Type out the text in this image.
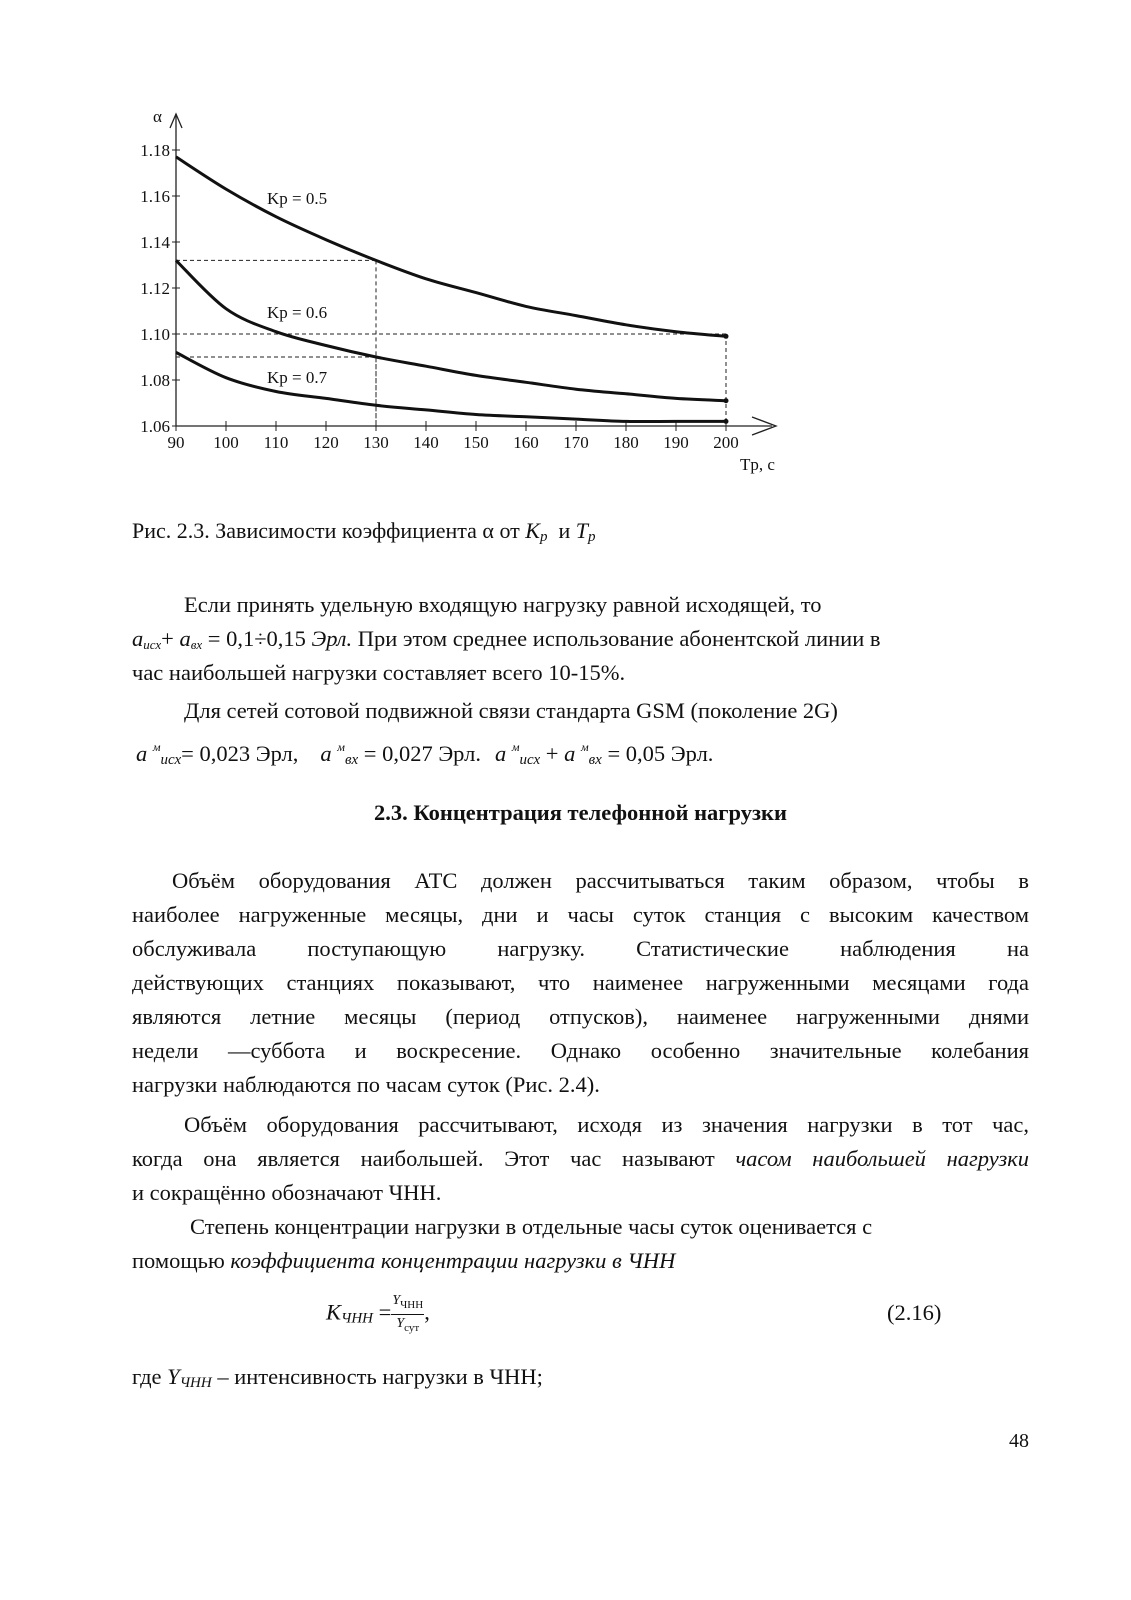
90 100 110 120 130 140 150 160 170 180 190 200
1.06
1.08
1.10
1.12
1.14
1.16
1.18
α
Tр, с
Kр = 0.5
Kр = 0.6
Kр = 0.7
Рис. 2.3. Зависимости коэффициента α от $K_р$  и $T_р$
Если принять удельную входящую нагрузку равной исходящей, то
$a_{исх}+ a_{вх} = 0,1\div 0,15$ Эрл. При этом среднее использование абонентской линии в
час наибольшей нагрузки составляет всего 10-15%.
Для сетей сотовой подвижной связи стандарта GSM (поколение 2G)
a $^м_{исх}$= 0,023 Эрл, a $^м_{вх}$ = 0,027 Эрл. a $^м_{исх}$ + a $^м_{вх}$ = 0,05 Эрл.
2.3. Концентрация телефонной нагрузки
Объём оборудования АТС должен рассчитываться таким образом, чтобы в
наиболее нагруженные месяцы, дни и часы суток станция с высоким качеством
обслуживала поступающую нагрузку. Статистические наблюдения на
действующих станциях показывают, что наименее нагруженными месяцами года
являются летние месяцы (период отпусков), наименее нагруженными днями
недели —суббота и воскресение. Однако особенно значительные колебания
нагрузки наблюдаются по часам суток (Рис. 2.4).
Объём оборудования рассчитывают, исходя из значения нагрузки в тот час,
когда она является наибольшей. Этот час называют часом наибольшей нагрузки
и сокращённо обозначают ЧНН.
Степень концентрации нагрузки в отдельные часы суток оценивается с
помощью коэффициента концентрации нагрузки в ЧНН
$K_{ЧНН} = \frac{Y_{ЧНН}}{Y_{сут}}$ ,	(2.16)
где $Y_{ЧНН}$ – интенсивность нагрузки в ЧНН;
48
